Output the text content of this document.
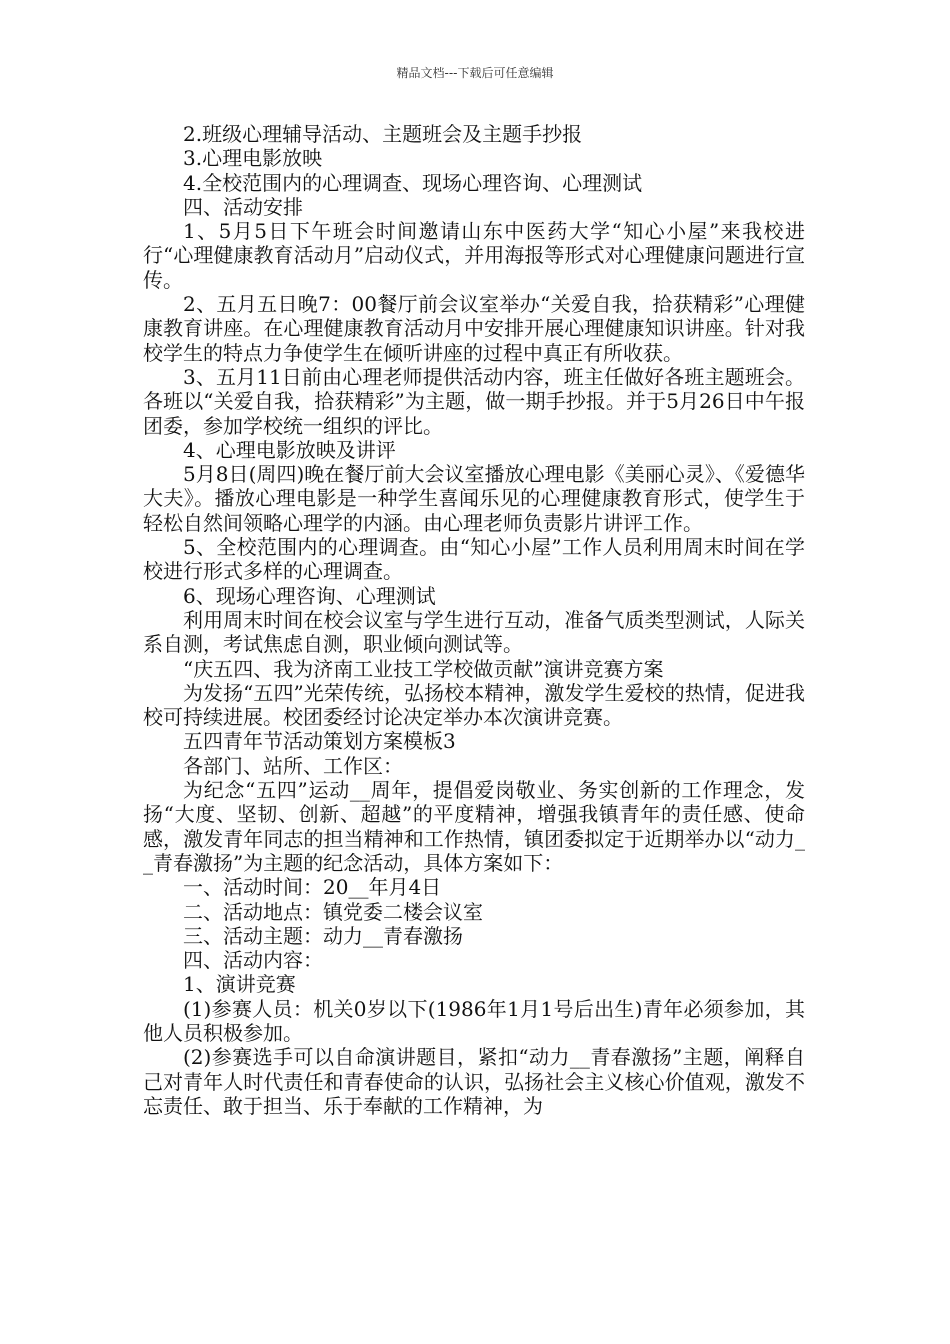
精品文档---下载后可任意编辑

2.班级心理辅导活动、主题班会及主题手抄报

3.心理电影放映

4.全校范围内的心理调查、现场心理咨询、心理测试

四、活动安排

1、5月5日下午班会时间邀请山东中医药大学“知心小屋”来我校进行“心理健康教育活动月”启动仪式，并用海报等形式对心理健康问题进行宣传。

2、五月五日晚7：00餐厅前会议室举办“关爱自我，拾获精彩”心理健康教育讲座。在心理健康教育活动月中安排开展心理健康知识讲座。针对我校学生的特点力争使学生在倾听讲座的过程中真正有所收获。

3、五月11日前由心理老师提供活动内容，班主任做好各班主题班会。各班以“关爱自我，拾获精彩”为主题，做一期手抄报。并于5月26日中午报团委，参加学校统一组织的评比。

4、心理电影放映及讲评

5月8日(周四)晚在餐厅前大会议室播放心理电影《美丽心灵》、《爱德华大夫》。播放心理电影是一种学生喜闻乐见的心理健康教育形式，使学生于轻松自然间领略心理学的内涵。由心理老师负责影片讲评工作。

5、全校范围内的心理调查。由“知心小屋”工作人员利用周末时间在学校进行形式多样的心理调查。

6、现场心理咨询、心理测试

利用周末时间在校会议室与学生进行互动，准备气质类型测试，人际关系自测，考试焦虑自测，职业倾向测试等。

“庆五四、我为济南工业技工学校做贡献”演讲竞赛方案

为发扬“五四”光荣传统，弘扬校本精神，激发学生爱校的热情，促进我校可持续进展。校团委经讨论决定举办本次演讲竞赛。

五四青年节活动策划方案模板3

各部门、站所、工作区：

为纪念“五四”运动__周年，提倡爱岗敬业、务实创新的工作理念，发扬“大度、坚韧、创新、超越”的平度精神，增强我镇青年的责任感、使命感，激发青年同志的担当精神和工作热情，镇团委拟定于近期举办以“动力__青春激扬”为主题的纪念活动，具体方案如下：

一、活动时间：20__年月4日

二、活动地点：镇党委二楼会议室

三、活动主题：动力__青春激扬

四、活动内容：

1、演讲竞赛

(1)参赛人员：机关0岁以下(1986年1月1号后出生)青年必须参加，其他人员积极参加。

(2)参赛选手可以自命演讲题目，紧扣“动力__青春激扬”主题，阐释自己对青年人时代责任和青春使命的认识，弘扬社会主义核心价值观，激发不忘责任、敢于担当、乐于奉献的工作精神，为
